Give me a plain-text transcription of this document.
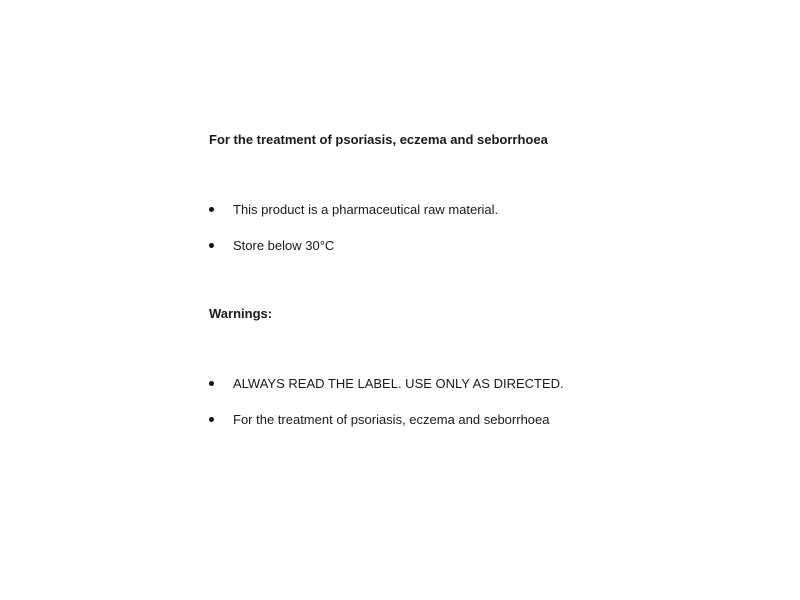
For the treatment of psoriasis, eczema and seborrhoea

This product is a pharmaceutical raw material.
Store below 30°C

Warnings:

ALWAYS READ THE LABEL. USE ONLY AS DIRECTED.
For the treatment of psoriasis, eczema and seborrhoea
